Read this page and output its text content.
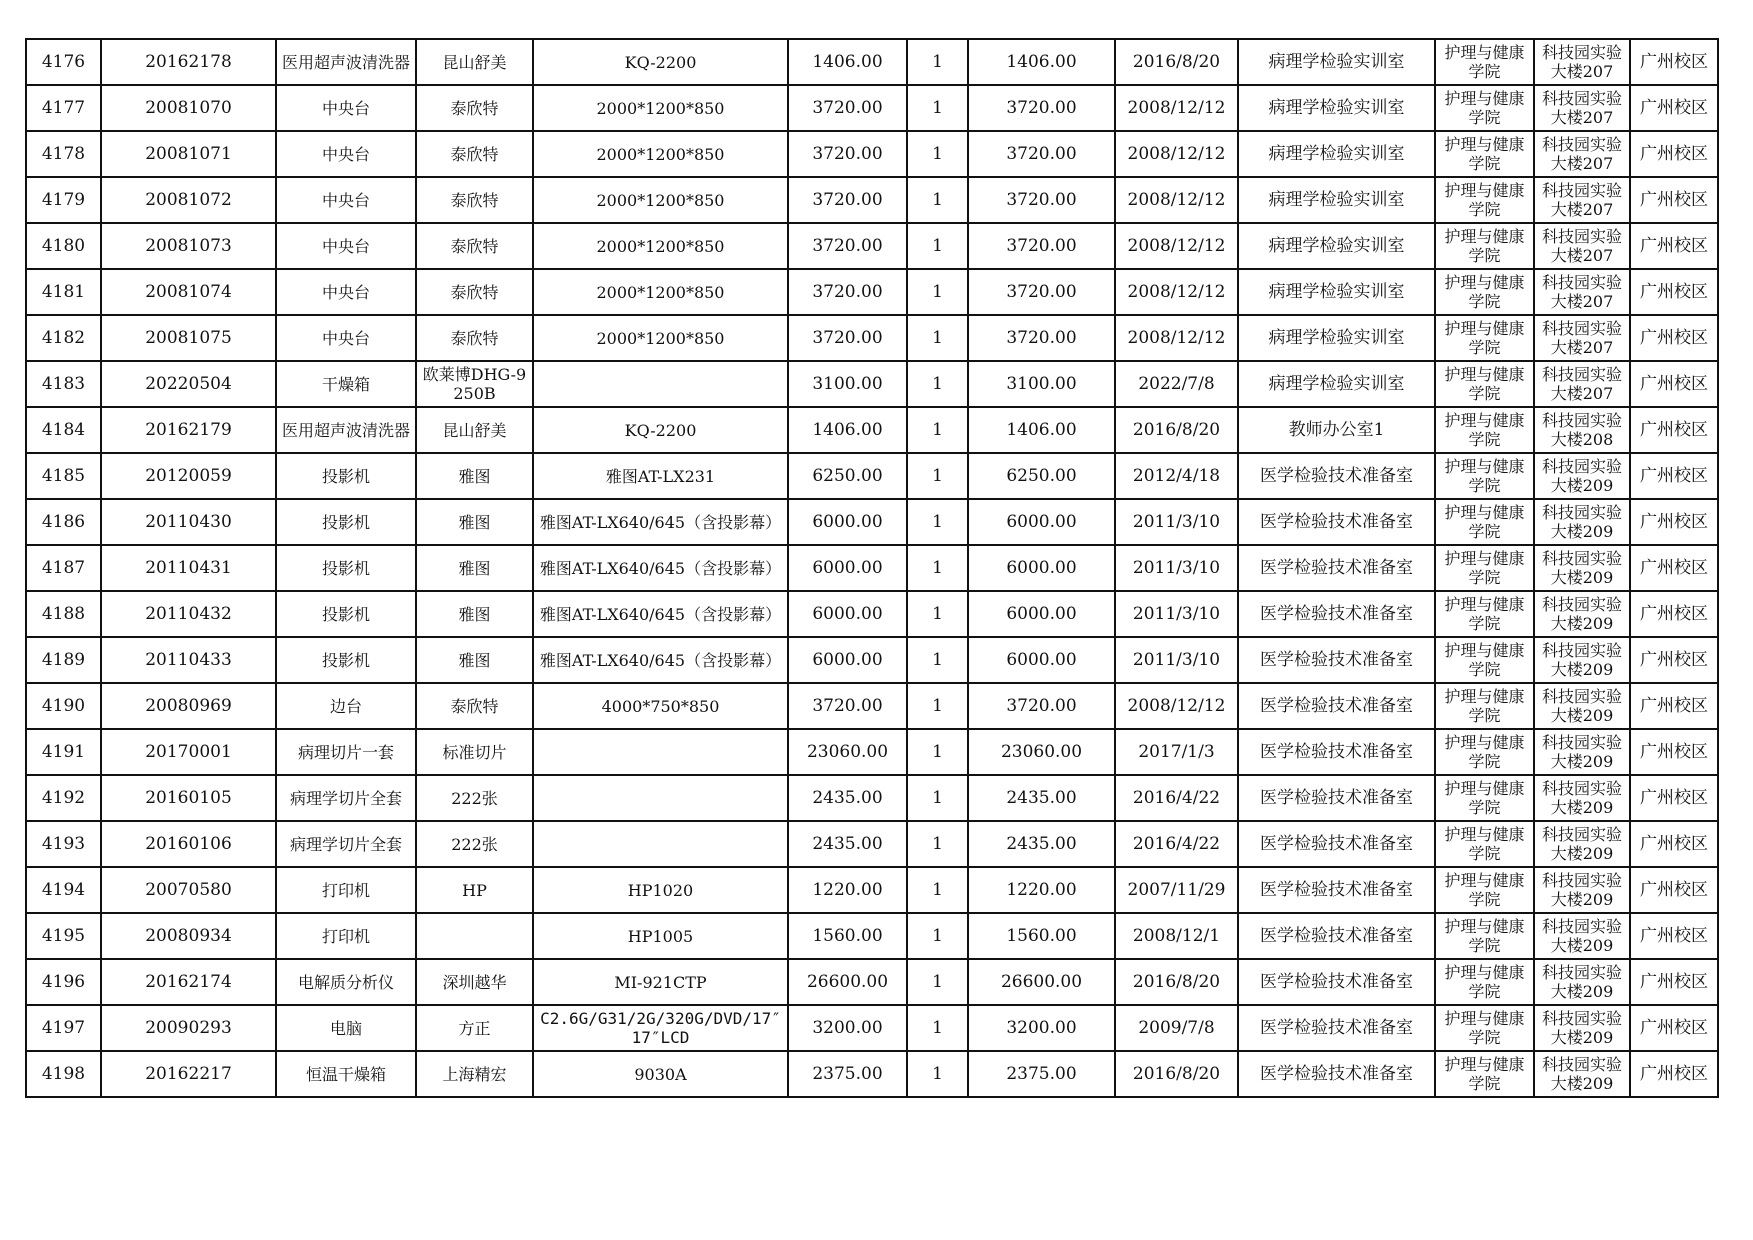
4176	20162178	医用超声波清洗器	昆山舒美	KQ-2200	1406.00	1	1406.00	2016/8/20	病理学检验实训室	护理与健康学院	科技园实验大楼207	广州校区
4177	20081070	中央台	泰欣特	2000*1200*850	3720.00	1	3720.00	2008/12/12	病理学检验实训室	护理与健康学院	科技园实验大楼207	广州校区
4178	20081071	中央台	泰欣特	2000*1200*850	3720.00	1	3720.00	2008/12/12	病理学检验实训室	护理与健康学院	科技园实验大楼207	广州校区
4179	20081072	中央台	泰欣特	2000*1200*850	3720.00	1	3720.00	2008/12/12	病理学检验实训室	护理与健康学院	科技园实验大楼207	广州校区
4180	20081073	中央台	泰欣特	2000*1200*850	3720.00	1	3720.00	2008/12/12	病理学检验实训室	护理与健康学院	科技园实验大楼207	广州校区
4181	20081074	中央台	泰欣特	2000*1200*850	3720.00	1	3720.00	2008/12/12	病理学检验实训室	护理与健康学院	科技园实验大楼207	广州校区
4182	20081075	中央台	泰欣特	2000*1200*850	3720.00	1	3720.00	2008/12/12	病理学检验实训室	护理与健康学院	科技园实验大楼207	广州校区
4183	20220504	干燥箱	欧莱博DHG-9250B		3100.00	1	3100.00	2022/7/8	病理学检验实训室	护理与健康学院	科技园实验大楼207	广州校区
4184	20162179	医用超声波清洗器	昆山舒美	KQ-2200	1406.00	1	1406.00	2016/8/20	教师办公室1	护理与健康学院	科技园实验大楼208	广州校区
4185	20120059	投影机	雅图	雅图AT-LX231	6250.00	1	6250.00	2012/4/18	医学检验技术准备室	护理与健康学院	科技园实验大楼209	广州校区
4186	20110430	投影机	雅图	雅图AT-LX640/645（含投影幕）	6000.00	1	6000.00	2011/3/10	医学检验技术准备室	护理与健康学院	科技园实验大楼209	广州校区
4187	20110431	投影机	雅图	雅图AT-LX640/645（含投影幕）	6000.00	1	6000.00	2011/3/10	医学检验技术准备室	护理与健康学院	科技园实验大楼209	广州校区
4188	20110432	投影机	雅图	雅图AT-LX640/645（含投影幕）	6000.00	1	6000.00	2011/3/10	医学检验技术准备室	护理与健康学院	科技园实验大楼209	广州校区
4189	20110433	投影机	雅图	雅图AT-LX640/645（含投影幕）	6000.00	1	6000.00	2011/3/10	医学检验技术准备室	护理与健康学院	科技园实验大楼209	广州校区
4190	20080969	边台	泰欣特	4000*750*850	3720.00	1	3720.00	2008/12/12	医学检验技术准备室	护理与健康学院	科技园实验大楼209	广州校区
4191	20170001	病理切片一套	标准切片		23060.00	1	23060.00	2017/1/3	医学检验技术准备室	护理与健康学院	科技园实验大楼209	广州校区
4192	20160105	病理学切片全套	222张		2435.00	1	2435.00	2016/4/22	医学检验技术准备室	护理与健康学院	科技园实验大楼209	广州校区
4193	20160106	病理学切片全套	222张		2435.00	1	2435.00	2016/4/22	医学检验技术准备室	护理与健康学院	科技园实验大楼209	广州校区
4194	20070580	打印机	HP	HP1020	1220.00	1	1220.00	2007/11/29	医学检验技术准备室	护理与健康学院	科技园实验大楼209	广州校区
4195	20080934	打印机		HP1005	1560.00	1	1560.00	2008/12/1	医学检验技术准备室	护理与健康学院	科技园实验大楼209	广州校区
4196	20162174	电解质分析仪	深圳越华	MI-921CTP	26600.00	1	26600.00	2016/8/20	医学检验技术准备室	护理与健康学院	科技园实验大楼209	广州校区
4197	20090293	电脑	方正	C2.6G/G31/2G/320G/DVD/17″17″LCD	3200.00	1	3200.00	2009/7/8	医学检验技术准备室	护理与健康学院	科技园实验大楼209	广州校区
4198	20162217	恒温干燥箱	上海精宏	9030A	2375.00	1	2375.00	2016/8/20	医学检验技术准备室	护理与健康学院	科技园实验大楼209	广州校区
